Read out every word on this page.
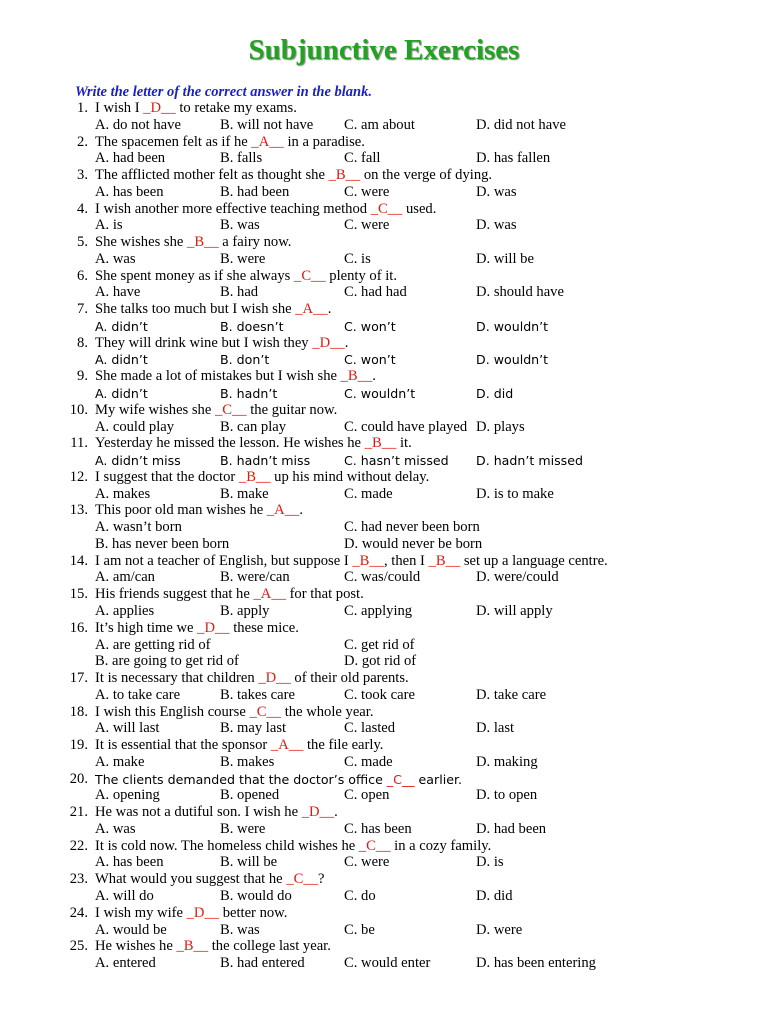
Subjunctive Exercises
Write the letter of the correct answer in the blank.
1. I wish I _D__ to retake my exams.
A. do not have	B. will not have C. am about	D. did not have
2. The spacemen felt as if he _A__ in a paradise.
A. had been	B. falls	C. fall	D. has fallen
3. The afflicted mother felt as thought she _B__ on the verge of dying.
A. has been	B. had been	C. were	D. was
4. I wish another more effective teaching method _C__ used.
A. is	B. was	C. were	D. was
5. She wishes she _B__ a fairy now.
A. was	B. were	C. is	D. will be
6. She spent money as if she always _C__ plenty of it.
A. have	B. had	C. had had	D. should have
7. She talks too much but I wish she _A__.
A. didn’t	B. doesn’t	C. won’t	D. wouldn’t
8. They will drink wine but I wish they _D__.
A. didn’t	B. don’t	C. won’t	D. wouldn’t
9. She made a lot of mistakes but I wish she _B__.
A. didn’t	B. hadn’t	C. wouldn’t	D. did
10. My wife wishes she _C__ the guitar now.
A. could play	B. can play	C. could have played D. plays
11. Yesterday he missed the lesson. He wishes he _B__ it.
A. didn’t miss	B. hadn’t miss	C. hasn’t missed D. hadn’t missed
12. I suggest that the doctor _B__ up his mind without delay.
A. makes	B. make	C. made	D. is to make
13. This poor old man wishes he _A__.
A. wasn’t born	C. had never been born
B. has never been born	D. would never be born
14. I am not a teacher of English, but suppose I _B__, then I _B__ set up a language centre.
A. am/can	B. were/can	C. was/could	D. were/could
15. His friends suggest that he _A__ for that post.
A. applies	B. apply	C. applying	D. will apply
16. It’s high time we _D__ these mice.
A. are getting rid of	C. get rid of
B. are going to get rid of	D. got rid of
17. It is necessary that children _D__ of their old parents.
A. to take care	B. takes care	C. took care	D. take care
18. I wish this English course _C__ the whole year.
A. will last	B. may last	C. lasted	D. last
19. It is essential that the sponsor _A__ the file early.
A. make	B. makes	C. made	D. making
20. The clients demanded that the doctor’s office _C__ earlier.
A. opening	B. opened	C. open	D. to open
21. He was not a dutiful son. I wish he _D__.
A. was	B. were	C. has been	D. had been
22. It is cold now. The homeless child wishes he _C__ in a cozy family.
A. has been	B. will be	C. were	D. is
23. What would you suggest that he _C__?
A. will do	B. would do	C. do	D. did
24. I wish my wife _D__ better now.
A. would be	B. was	C. be	D. were
25. He wishes he _B__ the college last year.
A. entered	B. had entered	C. would enter	D. has been entering
